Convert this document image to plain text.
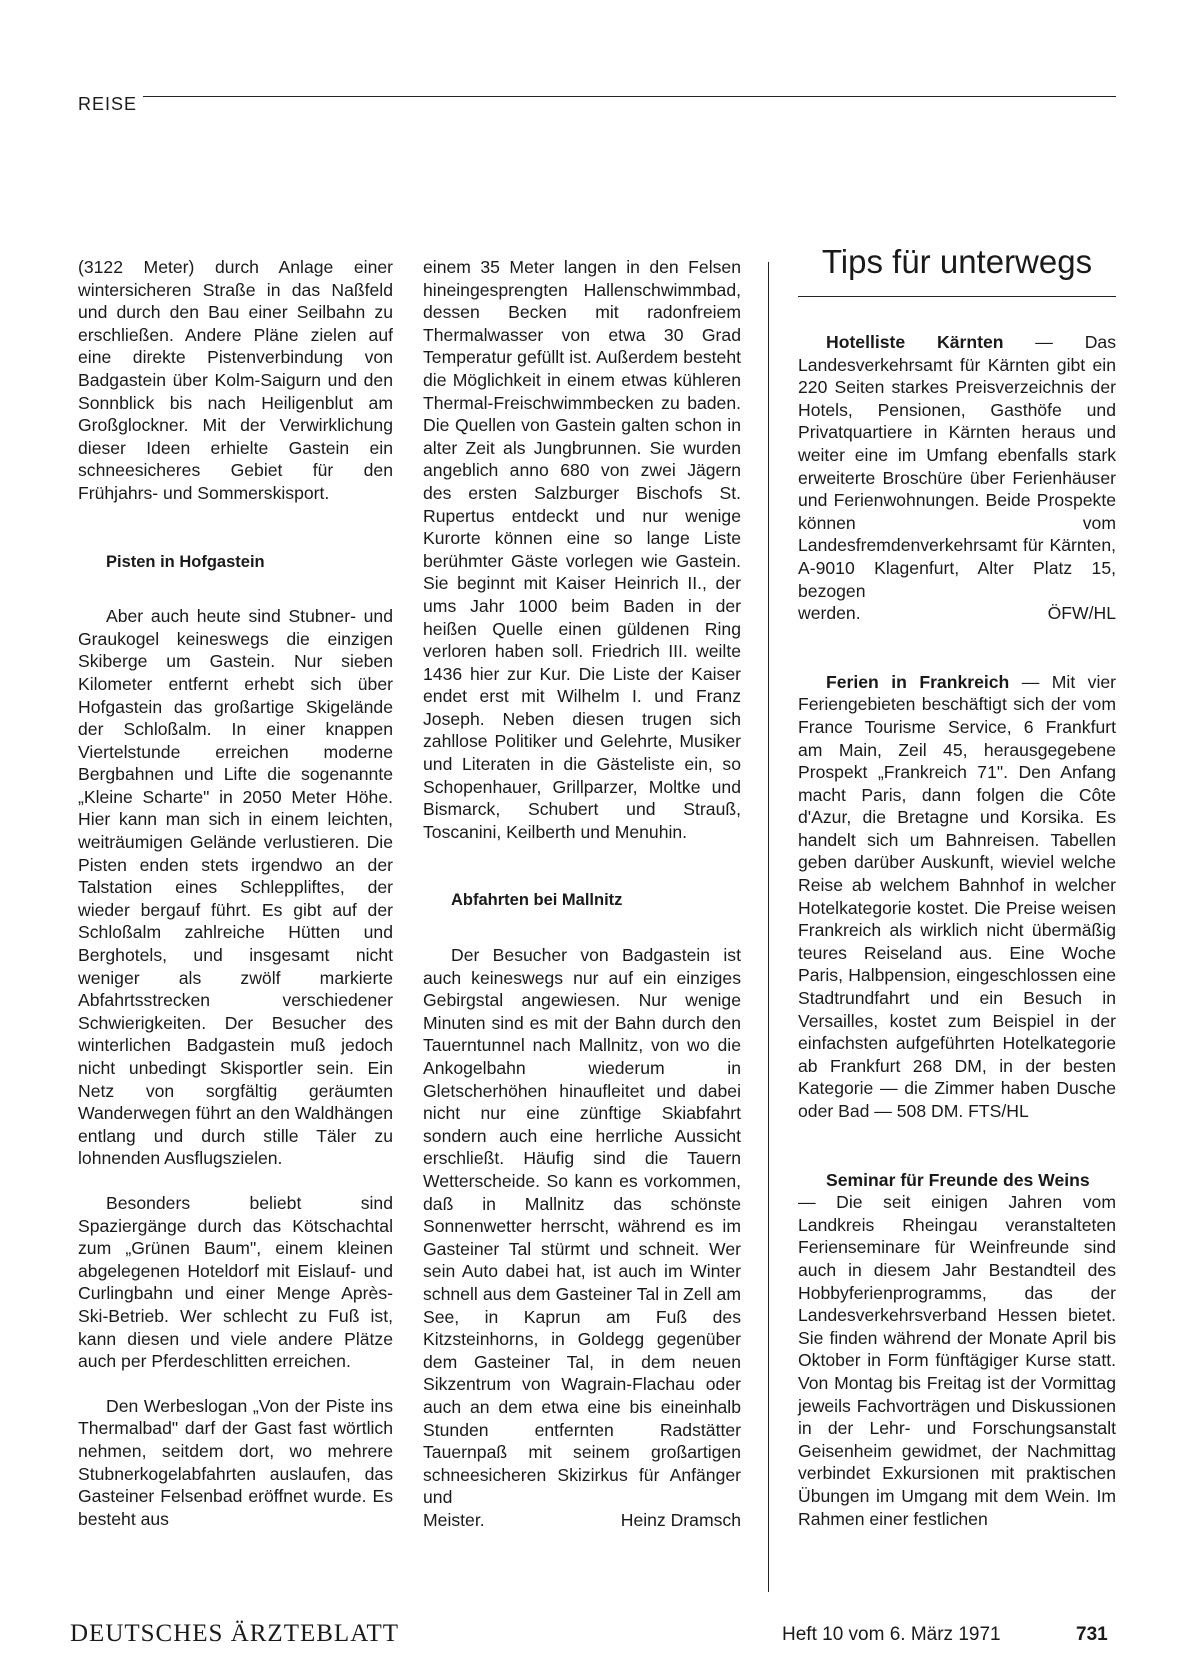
REISE

(3122 Meter) durch Anlage einer wintersicheren Straße in das Naßfeld und durch den Bau einer Seilbahn zu erschließen. Andere Pläne zielen auf eine direkte Pistenverbindung von Badgastein über Kolm-Saigurn und den Sonnblick bis nach Heiligenblut am Großglockner. Mit der Verwirklichung dieser Ideen erhielte Gastein ein schneesicheres Gebiet für den Frühjahrs- und Sommerskisport.

Pisten in Hofgastein

Aber auch heute sind Stubner- und Graukogel keineswegs die einzigen Skiberge um Gastein. Nur sieben Kilometer entfernt erhebt sich über Hofgastein das großartige Skigelände der Schloßalm. In einer knappen Viertelstunde erreichen moderne Bergbahnen und Lifte die sogenannte „Kleine Scharte" in 2050 Meter Höhe. Hier kann man sich in einem leichten, weiträumigen Gelände verlustieren. Die Pisten enden stets irgendwo an der Talstation eines Schleppliftes, der wieder bergauf führt. Es gibt auf der Schloßalm zahlreiche Hütten und Berghotels, und insgesamt nicht weniger als zwölf markierte Abfahrtsstrecken verschiedener Schwierigkeiten. Der Besucher des winterlichen Badgastein muß jedoch nicht unbedingt Skisportler sein. Ein Netz von sorgfältig geräumten Wanderwegen führt an den Waldhängen entlang und durch stille Täler zu lohnenden Ausflugszielen.

Besonders beliebt sind Spaziergänge durch das Kötschachtal zum „Grünen Baum", einem kleinen abgelegenen Hoteldorf mit Eislauf- und Curlingbahn und einer Menge Après-Ski-Betrieb. Wer schlecht zu Fuß ist, kann diesen und viele andere Plätze auch per Pferdeschlitten erreichen.

Den Werbeslogan „Von der Piste ins Thermalbad" darf der Gast fast wörtlich nehmen, seitdem dort, wo mehrere Stubnerkogelabfahrten auslaufen, das Gasteiner Felsenbad eröffnet wurde. Es besteht aus

einem 35 Meter langen in den Felsen hineingesprengten Hallenschwimmbad, dessen Becken mit radonfreiem Thermalwasser von etwa 30 Grad Temperatur gefüllt ist. Außerdem besteht die Möglichkeit in einem etwas kühleren Thermal-Freischwimmbecken zu baden. Die Quellen von Gastein galten schon in alter Zeit als Jungbrunnen. Sie wurden angeblich anno 680 von zwei Jägern des ersten Salzburger Bischofs St. Rupertus entdeckt und nur wenige Kurorte können eine so lange Liste berühmter Gäste vorlegen wie Gastein. Sie beginnt mit Kaiser Heinrich II., der ums Jahr 1000 beim Baden in der heißen Quelle einen güldenen Ring verloren haben soll. Friedrich III. weilte 1436 hier zur Kur. Die Liste der Kaiser endet erst mit Wilhelm I. und Franz Joseph. Neben diesen trugen sich zahllose Politiker und Gelehrte, Musiker und Literaten in die Gästeliste ein, so Schopenhauer, Grillparzer, Moltke und Bismarck, Schubert und Strauß, Toscanini, Keilberth und Menuhin.

Abfahrten bei Mallnitz

Der Besucher von Badgastein ist auch keineswegs nur auf ein einziges Gebirgstal angewiesen. Nur wenige Minuten sind es mit der Bahn durch den Tauerntunnel nach Mallnitz, von wo die Ankogelbahn wiederum in Gletscherhöhen hinaufleitet und dabei nicht nur eine zünftige Skiabfahrt sondern auch eine herrliche Aussicht erschließt. Häufig sind die Tauern Wetterscheide. So kann es vorkommen, daß in Mallnitz das schönste Sonnenwetter herrscht, während es im Gasteiner Tal stürmt und schneit. Wer sein Auto dabei hat, ist auch im Winter schnell aus dem Gasteiner Tal in Zell am See, in Kaprun am Fuß des Kitzsteinhorns, in Goldegg gegenüber dem Gasteiner Tal, in dem neuen Sikzentrum von Wagrain-Flachau oder auch an dem etwa eine bis eineinhalb Stunden entfernten Radstätter Tauernpaß mit seinem großartigen schneesicheren Skizirkus für Anfänger und

Meister.	Heinz Dramsch
Tips für unterwegs

Hotelliste Kärnten — Das Landesverkehrsamt für Kärnten gibt ein 220 Seiten starkes Preisverzeichnis der Hotels, Pensionen, Gasthöfe und Privatquartiere in Kärnten heraus und weiter eine im Umfang ebenfalls stark erweiterte Broschüre über Ferienhäuser und Ferienwohnungen. Beide Prospekte können vom Landesfremdenverkehrsamt für Kärnten, A-9010 Klagenfurt, Alter Platz 15, bezogen

werden.	ÖFW/HL

Ferien in Frankreich — Mit vier Feriengebieten beschäftigt sich der vom France Tourisme Service, 6 Frankfurt am Main, Zeil 45, herausgegebene Prospekt „Frankreich 71". Den Anfang macht Paris, dann folgen die Côte d'Azur, die Bretagne und Korsika. Es handelt sich um Bahnreisen. Tabellen geben darüber Auskunft, wieviel welche Reise ab welchem Bahnhof in welcher Hotelkategorie kostet. Die Preise weisen Frankreich als wirklich nicht übermäßig teures Reiseland aus. Eine Woche Paris, Halbpension, eingeschlossen eine Stadtrundfahrt und ein Besuch in Versailles, kostet zum Beispiel in der einfachsten aufgeführten Hotelkategorie ab Frankfurt 268 DM, in der besten Kategorie — die Zimmer haben Dusche oder Bad — 508 DM. FTS/HL

Seminar für Freunde des Weins

— Die seit einigen Jahren vom Landkreis Rheingau veranstalteten Ferienseminare für Weinfreunde sind auch in diesem Jahr Bestandteil des Hobbyferienprogramms, das der Landesverkehrsverband Hessen bietet. Sie finden während der Monate April bis Oktober in Form fünftägiger Kurse statt. Von Montag bis Freitag ist der Vormittag jeweils Fachvorträgen und Diskussionen in der Lehr- und Forschungsanstalt Geisenheim gewidmet, der Nachmittag verbindet Exkursionen mit praktischen Übungen im Umgang mit dem Wein. Im Rahmen einer festlichen

DEUTSCHES ÄRZTEBLATT	Heft 10 vom 6. März 1971	731
